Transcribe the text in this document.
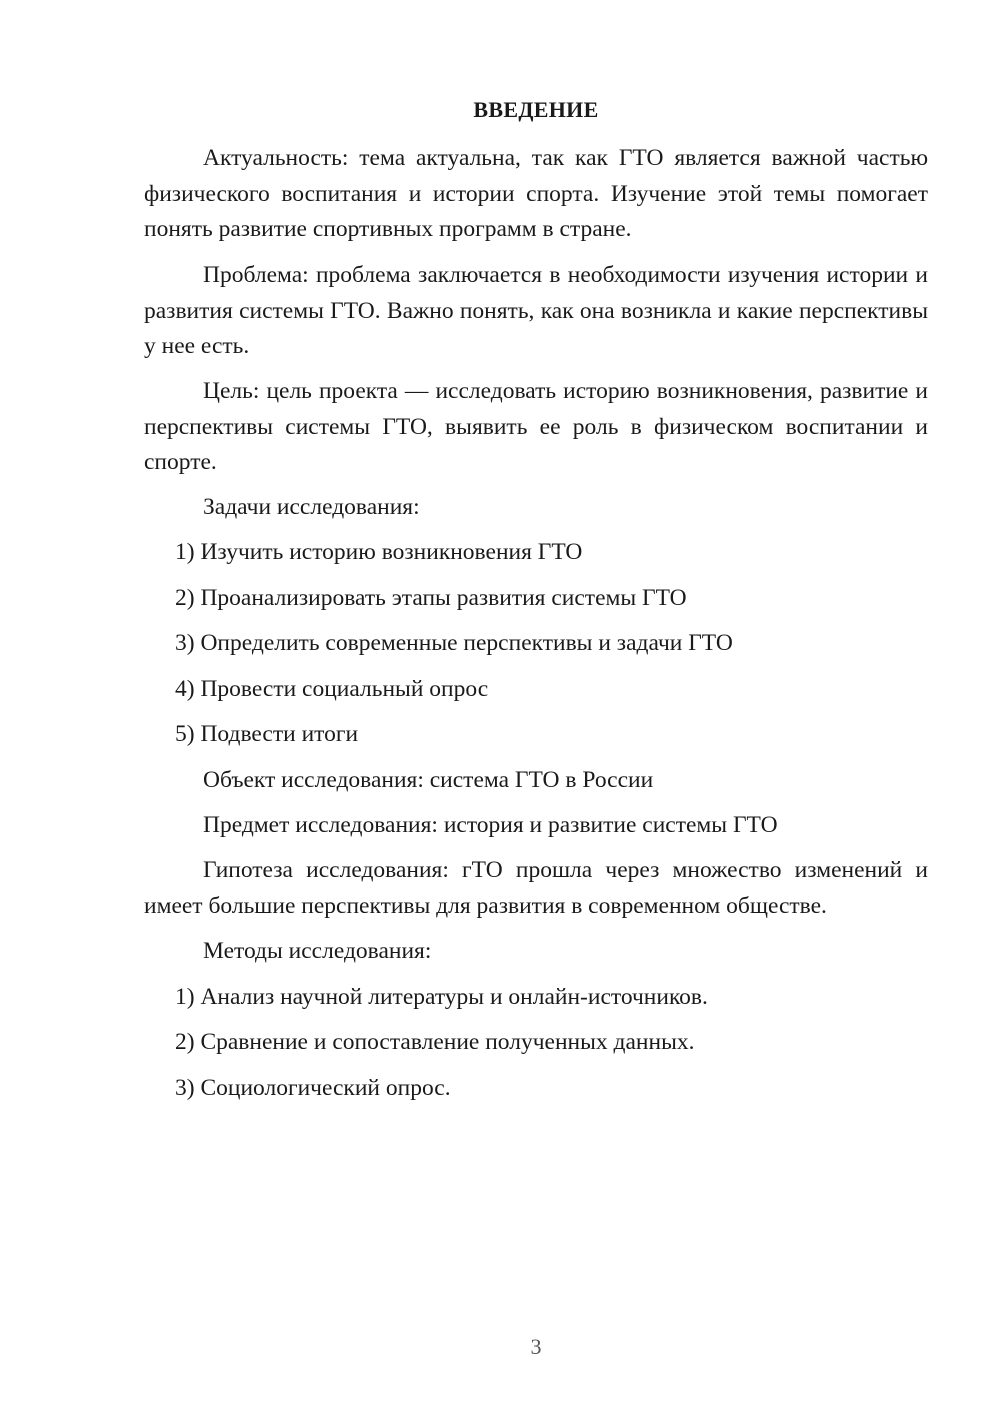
ВВЕДЕНИЕ

Актуальность: тема актуальна, так как ГТО является важной частью физического воспитания и истории спорта. Изучение этой темы помогает понять развитие спортивных программ в стране.

Проблема: проблема заключается в необходимости изучения истории и развития системы ГТО. Важно понять, как она возникла и какие перспективы у нее есть.

Цель: цель проекта — исследовать историю возникновения, развитие и перспективы системы ГТО, выявить ее роль в физическом воспитании и спорте.

Задачи исследования:

1) Изучить историю возникновения ГТО

2) Проанализировать этапы развития системы ГТО

3) Определить современные перспективы и задачи ГТО

4) Провести социальный опрос

5) Подвести итоги

Объект исследования: система ГТО в России

Предмет исследования: история и развитие системы ГТО

Гипотеза исследования: гТО прошла через множество изменений и имеет большие перспективы для развития в современном обществе.

Методы исследования:

1) Анализ научной литературы и онлайн-источников.

2) Сравнение и сопоставление полученных данных.

3) Социологический опрос.

3
